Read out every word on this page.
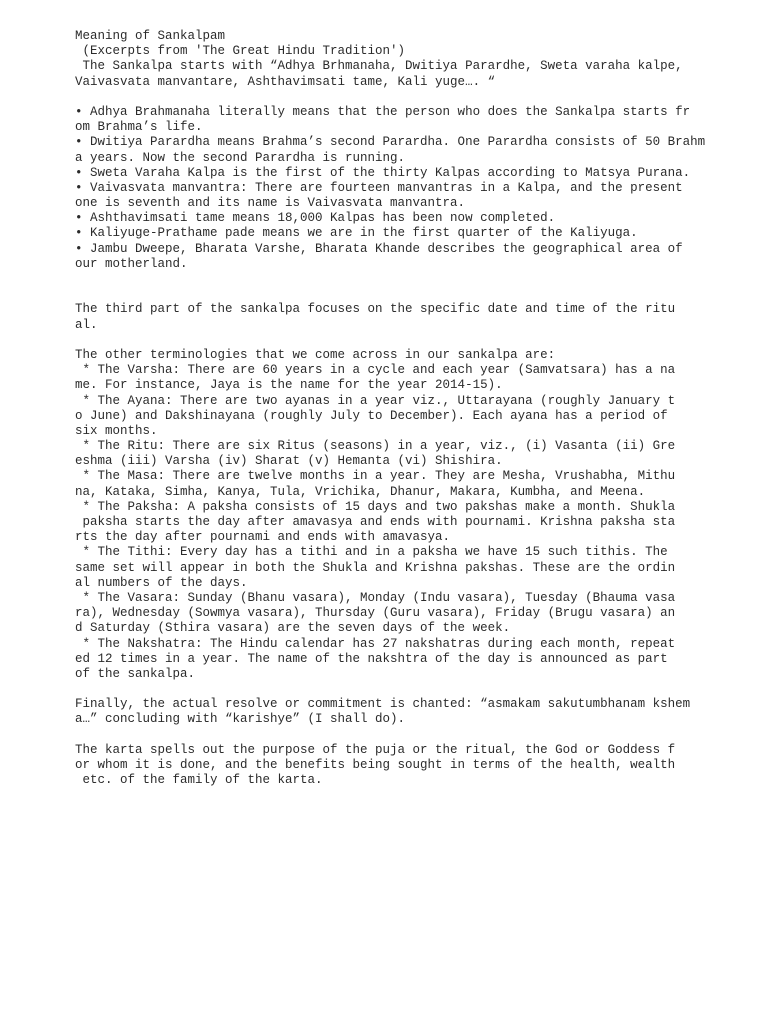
Meaning of Sankalpam
(Excerpts from 'The Great Hindu Tradition')
The Sankalpa starts with “Adhya Brhmanaha, Dwitiya Parardhe, Sweta varaha kalpe,
Vaivasvata manvantare, Ashthavimsati tame, Kali yuge…. “
• Adhya Brahmanaha literally means that the person who does the Sankalpa starts fr
om Brahma’s life.
• Dwitiya Parardha means Brahma’s second Parardha. One Parardha consists of 50 Brahm
a years. Now the second Parardha is running.
• Sweta Varaha Kalpa is the first of the thirty Kalpas according to Matsya Purana.
• Vaivasvata manvantra: There are fourteen manvantras in a Kalpa, and the present
one is seventh and its name is Vaivasvata manvantra.
• Ashthavimsati tame means 18,000 Kalpas has been now completed.
• Kaliyuge-Prathame pade means we are in the first quarter of the Kaliyuga.
• Jambu Dweepe, Bharata Varshe, Bharata Khande describes the geographical area of
our motherland.
The third part of the sankalpa focuses on the specific date and time of the ritu
al.
The other terminologies that we come across in our sankalpa are:
* The Varsha: There are 60 years in a cycle and each year (Samvatsara) has a na
me. For instance, Jaya is the name for the year 2014-15).
* The Ayana: There are two ayanas in a year viz., Uttarayana (roughly January t
o June) and Dakshinayana (roughly July to December). Each ayana has a period of
six months.
* The Ritu: There are six Ritus (seasons) in a year, viz., (i) Vasanta (ii) Gre
eshma (iii) Varsha (iv) Sharat (v) Hemanta (vi) Shishira.
* The Masa: There are twelve months in a year. They are Mesha, Vrushabha, Mithu
na, Kataka, Simha, Kanya, Tula, Vrichika, Dhanur, Makara, Kumbha, and Meena.
* The Paksha: A paksha consists of 15 days and two pakshas make a month. Shukla
paksha starts the day after amavasya and ends with pournami. Krishna paksha sta
rts the day after pournami and ends with amavasya.
* The Tithi: Every day has a tithi and in a paksha we have 15 such tithis. The
same set will appear in both the Shukla and Krishna pakshas. These are the ordin
al numbers of the days.
* The Vasara: Sunday (Bhanu vasara), Monday (Indu vasara), Tuesday (Bhauma vasa
ra), Wednesday (Sowmya vasara), Thursday (Guru vasara), Friday (Brugu vasara) an
d Saturday (Sthira vasara) are the seven days of the week.
* The Nakshatra: The Hindu calendar has 27 nakshatras during each month, repeat
ed 12 times in a year. The name of the nakshtra of the day is announced as part
of the sankalpa.
Finally, the actual resolve or commitment is chanted: “asmakam sakutumbhanam kshem
a…” concluding with “karishye” (I shall do).
The karta spells out the purpose of the puja or the ritual, the God or Goddess f
or whom it is done, and the benefits being sought in terms of the health, wealth
etc. of the family of the karta.
